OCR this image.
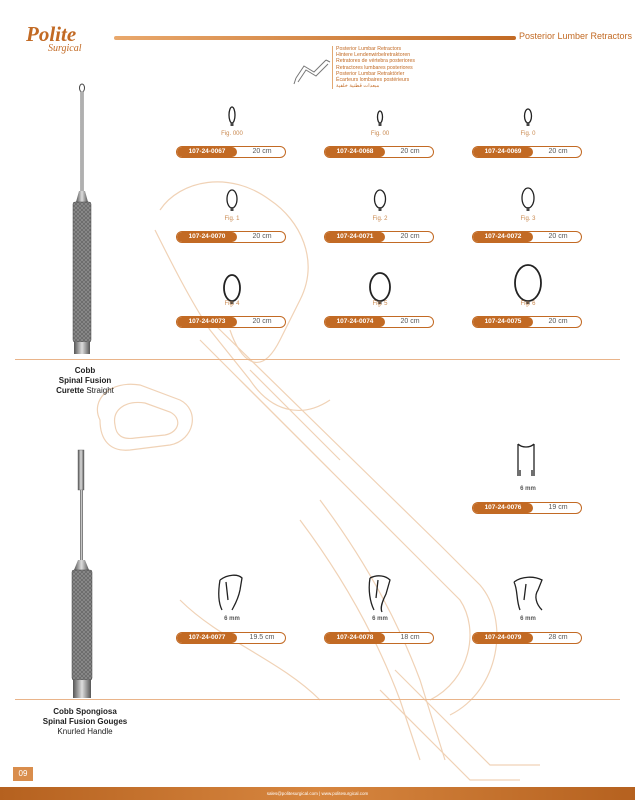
Polite
Surgical
Posterior Lumber Retractors
Posterior Lumbar Retractors
Hintere Lendenwirbelretraktoren
Retratores de vértebra posteriores
Retractores lumbares posteriores
Posterior Lumbar Retraktörler
Écarteurs lombaires postérieurs
مبعدات قطنية خلفية
Fig. 000
107-24-0067	20 cm
Fig. 00
107-24-0068	20 cm
Fig. 0
107-24-0069	20 cm
Fig. 1
107-24-0070	20 cm
Fig. 2
107-24-0071	20 cm
Fig. 3
107-24-0072	20 cm
Fig. 4
107-24-0073	20 cm
Fig. 5
107-24-0074	20 cm
Fig. 6
107-24-0075	20 cm
Cobb
Spinal Fusion
Curette Straight
6 mm
107-24-0076	19 cm
6 mm
107-24-0077	19.5 cm
6 mm
107-24-0078	18 cm
6 mm
107-24-0079	28 cm
Cobb Spongiosa
Spinal Fusion Gouges
Knurled Handle
09
sales@politesurgical.com | www.politesurgical.com
